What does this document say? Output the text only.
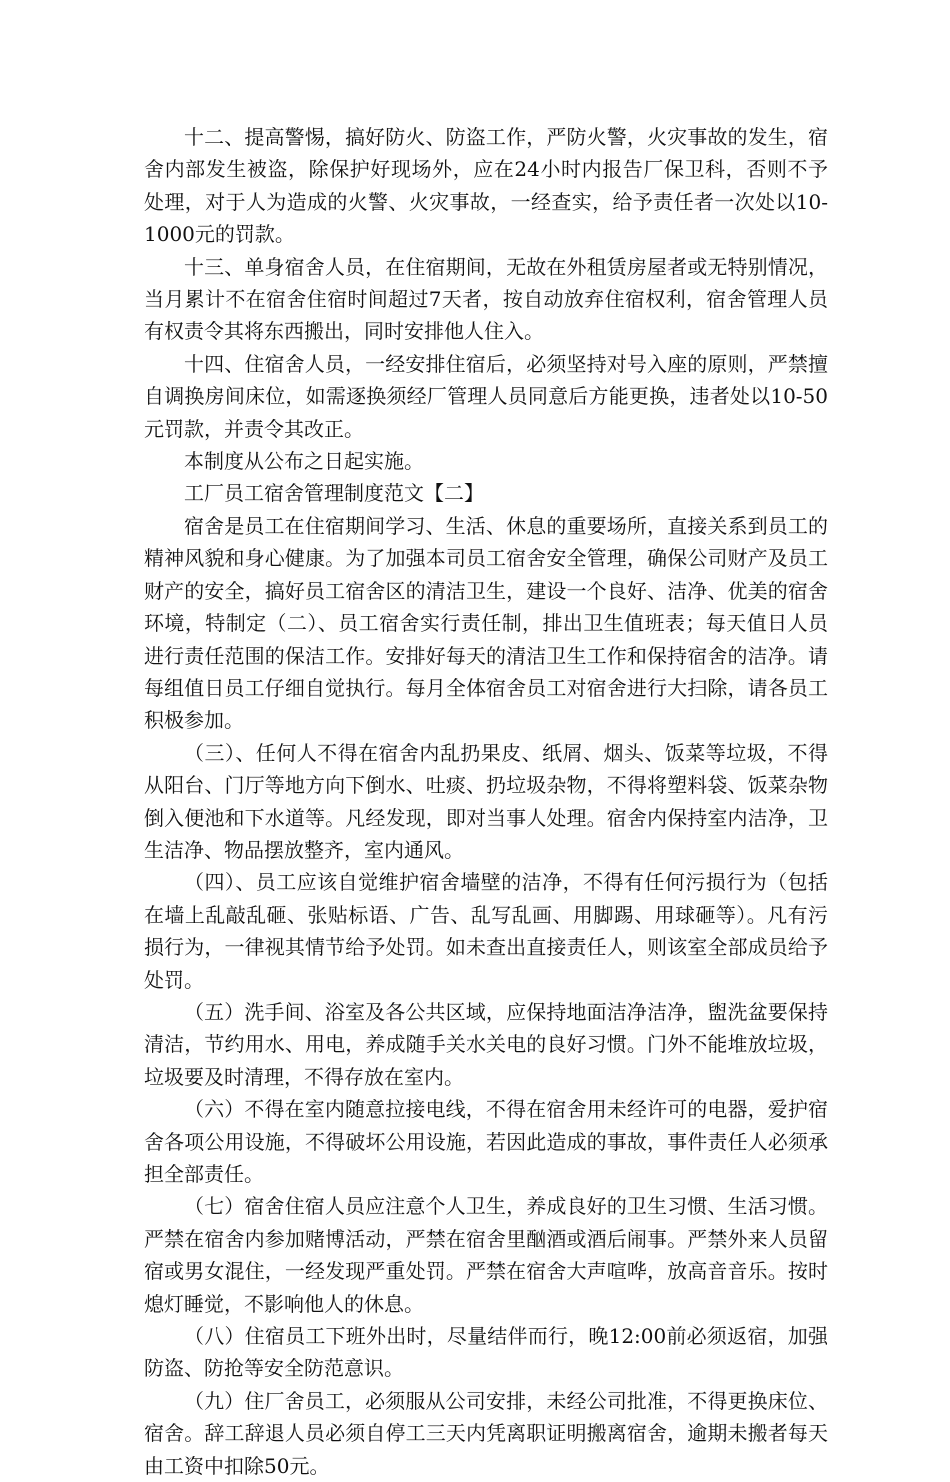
十二、提高警惕，搞好防火、防盗工作，严防火警，火灾事故的发生，宿舍内部发生被盗，除保护好现场外，应在24小时内报告厂保卫科，否则不予处理，对于人为造成的火警、火灾事故，一经查实，给予责任者一次处以10-1000元的罚款。

十三、单身宿舍人员，在住宿期间，无故在外租赁房屋者或无特别情况，当月累计不在宿舍住宿时间超过7天者，按自动放弃住宿权利，宿舍管理人员有权责令其将东西搬出，同时安排他人住入。

十四、住宿舍人员，一经安排住宿后，必须坚持对号入座的原则，严禁擅自调换房间床位，如需逐换须经厂管理人员同意后方能更换，违者处以10-50元罚款，并责令其改正。

本制度从公布之日起实施。

工厂员工宿舍管理制度范文【二】

宿舍是员工在住宿期间学习、生活、休息的重要场所，直接关系到员工的精神风貌和身心健康。为了加强本司员工宿舍安全管理，确保公司财产及员工财产的安全，搞好员工宿舍区的清洁卫生，建设一个良好、洁净、优美的宿舍环境，特制定（二）、员工宿舍实行责任制，排出卫生值班表；每天值日人员进行责任范围的保洁工作。安排好每天的清洁卫生工作和保持宿舍的洁净。请每组值日员工仔细自觉执行。每月全体宿舍员工对宿舍进行大扫除，请各员工积极参加。

（三）、任何人不得在宿舍内乱扔果皮、纸屑、烟头、饭菜等垃圾，不得从阳台、门厅等地方向下倒水、吐痰、扔垃圾杂物，不得将塑料袋、饭菜杂物倒入便池和下水道等。凡经发现，即对当事人处理。宿舍内保持室内洁净，卫生洁净、物品摆放整齐，室内通风。

（四）、员工应该自觉维护宿舍墙壁的洁净，不得有任何污损行为（包括在墙上乱敲乱砸、张贴标语、广告、乱写乱画、用脚踢、用球砸等）。凡有污损行为，一律视其情节给予处罚。如未查出直接责任人，则该室全部成员给予处罚。

（五）洗手间、浴室及各公共区域，应保持地面洁净洁净，盥洗盆要保持清洁，节约用水、用电，养成随手关水关电的良好习惯。门外不能堆放垃圾，垃圾要及时清理，不得存放在室内。

（六）不得在室内随意拉接电线，不得在宿舍用未经许可的电器，爱护宿舍各项公用设施，不得破坏公用设施，若因此造成的事故，事件责任人必须承担全部责任。

（七）宿舍住宿人员应注意个人卫生，养成良好的卫生习惯、生活习惯。严禁在宿舍内参加赌博活动，严禁在宿舍里酗酒或酒后闹事。严禁外来人员留宿或男女混住，一经发现严重处罚。严禁在宿舍大声喧哗，放高音音乐。按时熄灯睡觉，不影响他人的休息。

（八）住宿员工下班外出时，尽量结伴而行，晚12:00前必须返宿，加强防盗、防抢等安全防范意识。

（九）住厂舍员工，必须服从公司安排，未经公司批准，不得更换床位、宿舍。辞工辞退人员必须自停工三天内凭离职证明搬离宿舍，逾期未搬者每天由工资中扣除50元。
